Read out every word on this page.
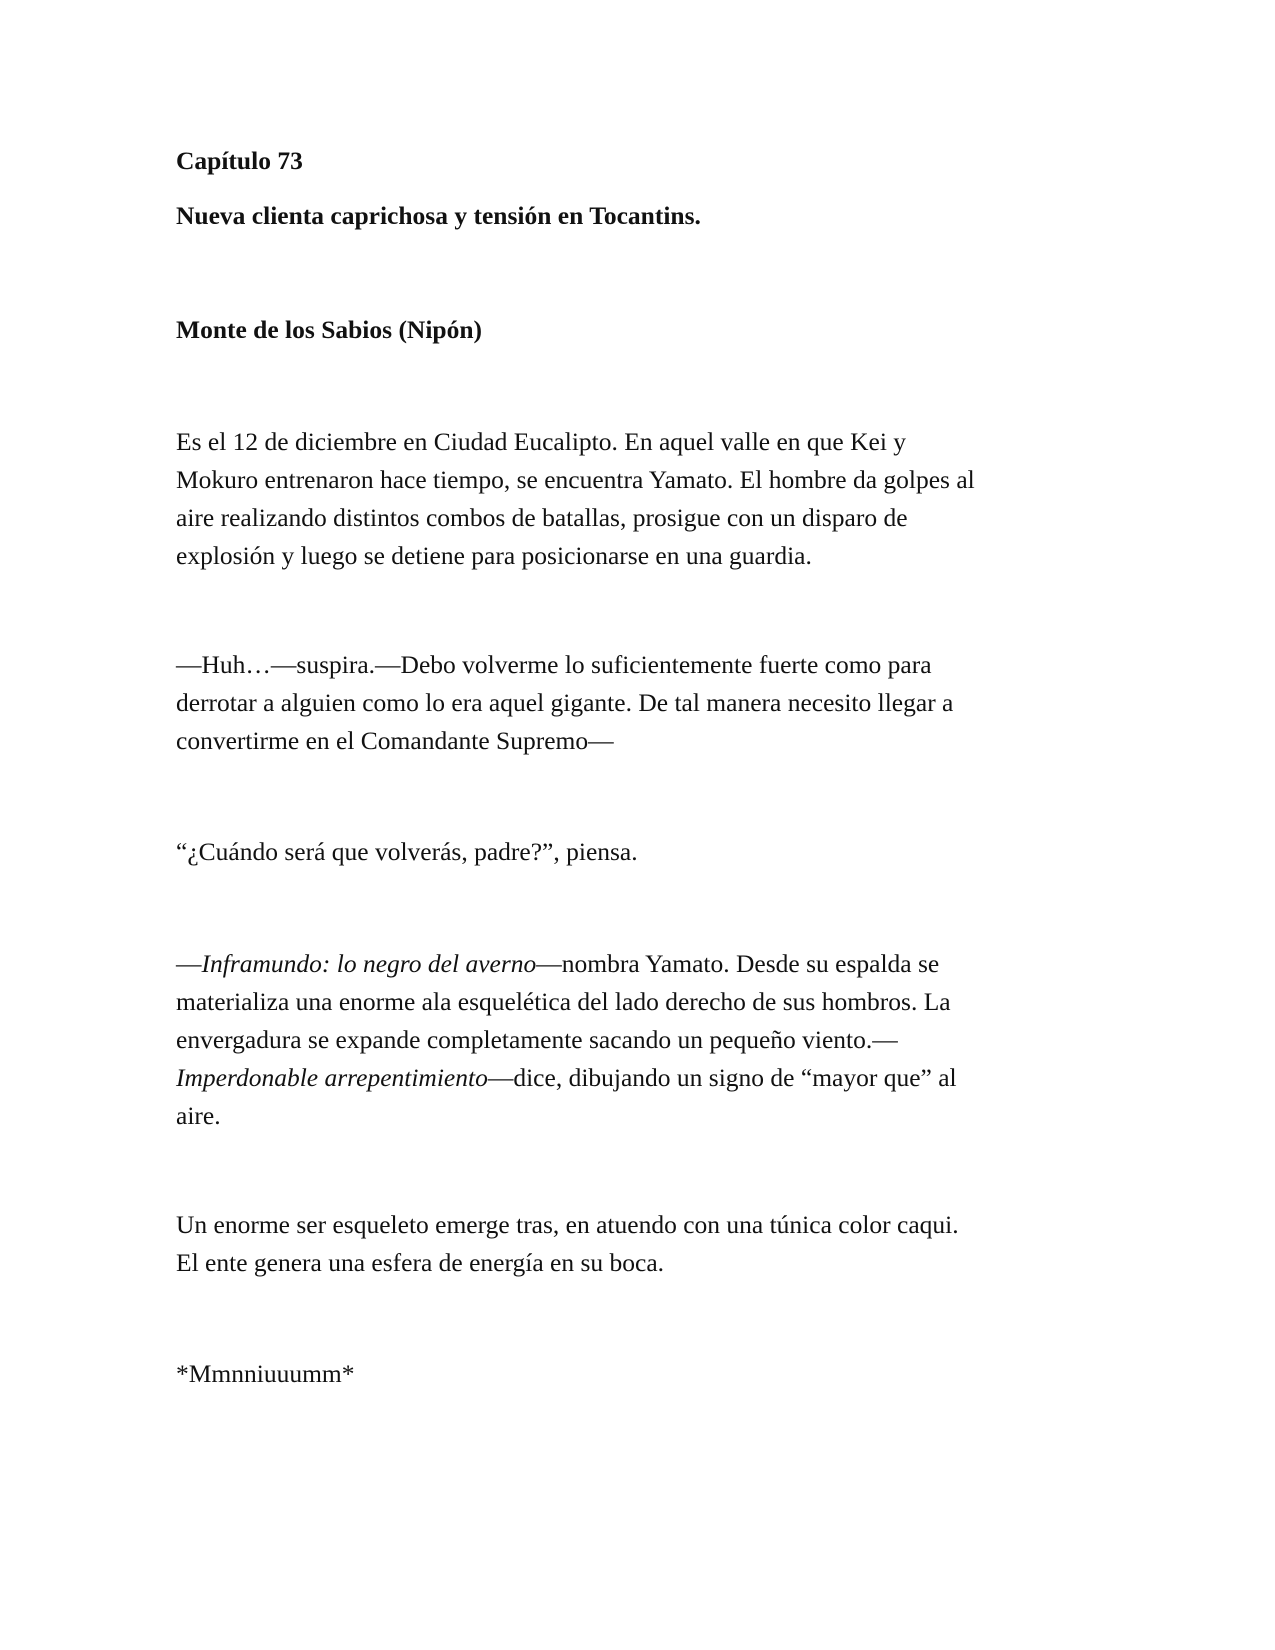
Capítulo 73

Nueva clienta caprichosa y tensión en Tocantins.

Monte de los Sabios (Nipón)

Es el 12 de diciembre en Ciudad Eucalipto. En aquel valle en que Kei y
Mokuro entrenaron hace tiempo, se encuentra Yamato. El hombre da golpes al
aire realizando distintos combos de batallas, prosigue con un disparo de
explosión y luego se detiene para posicionarse en una guardia.

—Huh…—suspira.—Debo volverme lo suficientemente fuerte como para
derrotar a alguien como lo era aquel gigante. De tal manera necesito llegar a
convertirme en el Comandante Supremo—

“¿Cuándo será que volverás, padre?”, piensa.

—Inframundo: lo negro del averno—nombra Yamato. Desde su espalda se
materializa una enorme ala esquelética del lado derecho de sus hombros. La
envergadura se expande completamente sacando un pequeño viento.—
Imperdonable arrepentimiento—dice, dibujando un signo de “mayor que” al
aire.

Un enorme ser esqueleto emerge tras, en atuendo con una túnica color caqui.
El ente genera una esfera de energía en su boca.

*Mmnniuuumm*
